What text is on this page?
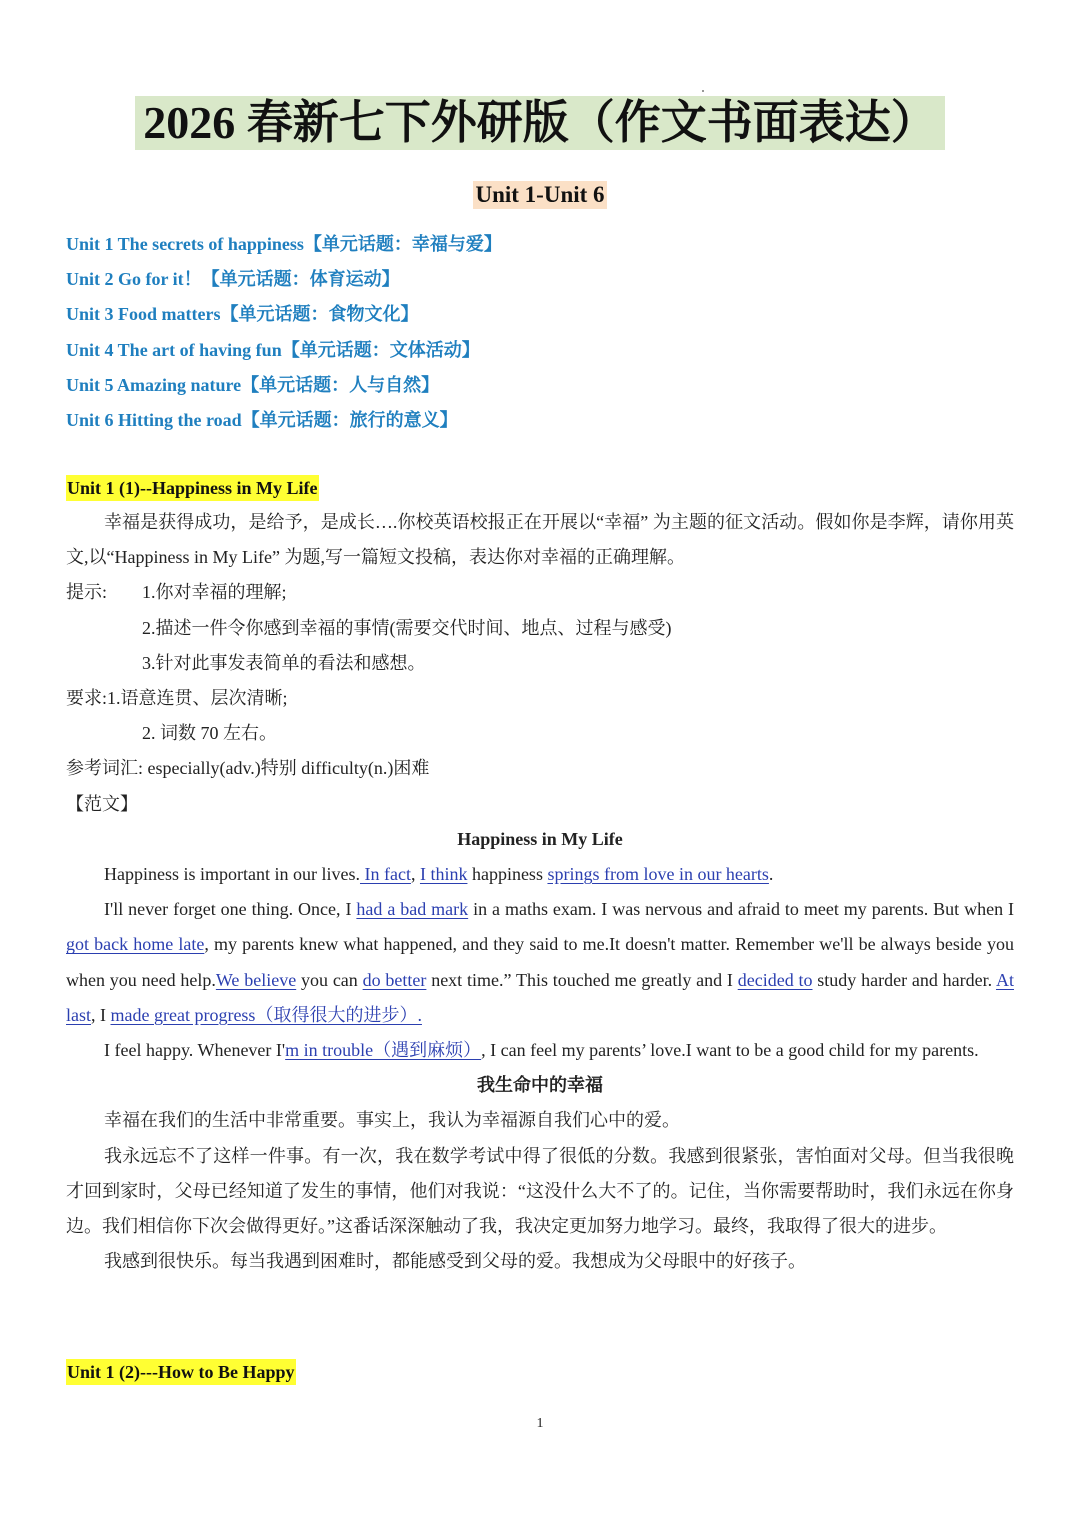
2026 春新七下外研版（作文书面表达）
Unit 1-Unit 6
Unit 1 The secrets of happiness【单元话题：幸福与爱】
Unit 2 Go for it！【单元话题：体育运动】
Unit 3 Food matters【单元话题：食物文化】
Unit 4 The art of having fun【单元话题：文体活动】
Unit 5 Amazing nature【单元话题：人与自然】
Unit 6 Hitting the road【单元话题：旅行的意义】
Unit 1 (1)--Happiness in My Life

幸福是获得成功，是给予，是成长….你校英语校报正在开展以“幸福” 为主题的征文活动。假如你是李辉，请你用英文,以“Happiness in My Life” 为题,写一篇短文投稿，表达你对幸福的正确理解。

提示:	1.你对幸福的理解;

2.描述一件令你感到幸福的事情(需要交代时间、地点、过程与感受)

3.针对此事发表简单的看法和感想。

要求:1.语意连贯、层次清晰;

2. 词数 70 左右。

参考词汇: especially(adv.)特别 difficulty(n.)困难

【范文】

Happiness in My Life

Happiness is important in our lives. In fact, I think happiness springs from love in our hearts.

I'll never forget one thing. Once, I had a bad mark in a maths exam. I was nervous and afraid to meet my parents. But when I got back home late, my parents knew what happened, and they said to me.It doesn't matter. Remember we'll be always beside you when you need help.We believe you can do better next time.” This touched me greatly and I decided to study harder and harder. At last, I made great progress（取得很大的进步）.

I feel happy. Whenever I'm in trouble（遇到麻烦）, I can feel my parents’ love.I want to be a good child for my parents.

我生命中的幸福

幸福在我们的生活中非常重要。事实上，我认为幸福源自我们心中的爱。

我永远忘不了这样一件事。有一次，我在数学考试中得了很低的分数。我感到很紧张，害怕面对父母。但当我很晚才回到家时，父母已经知道了发生的事情，他们对我说：“这没什么大不了的。记住，当你需要帮助时，我们永远在你身边。我们相信你下次会做得更好。”这番话深深触动了我，我决定更加努力地学习。最终，我取得了很大的进步。

我感到很快乐。每当我遇到困难时，都能感受到父母的爱。我想成为父母眼中的好孩子。

Unit 1 (2)---How to Be Happy
1
